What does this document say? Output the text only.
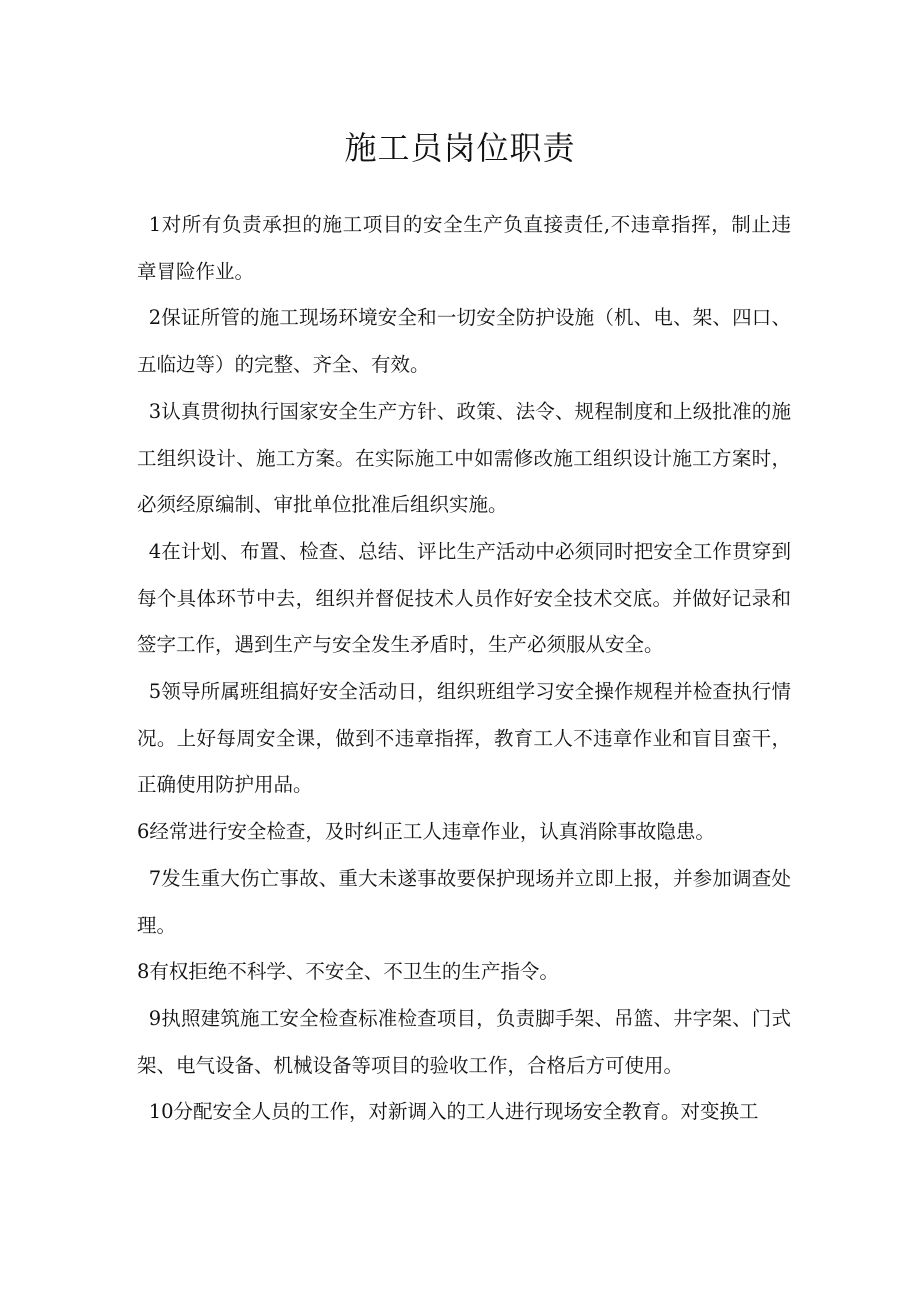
施工员岗位职责

1对所有负责承担的施工项目的安全生产负直接责任,不违章指挥，制止违章冒险作业。

2保证所管的施工现场环境安全和一切安全防护设施（机、电、架、四口、五临边等）的完整、齐全、有效。

3认真贯彻执行国家安全生产方针、政策、法令、规程制度和上级批准的施工组织设计、施工方案。在实际施工中如需修改施工组织设计施工方案时，必须经原编制、审批单位批准后组织实施。

4在计划、布置、检查、总结、评比生产活动中必须同时把安全工作贯穿到每个具体环节中去，组织并督促技术人员作好安全技术交底。并做好记录和签字工作，遇到生产与安全发生矛盾时，生产必须服从安全。

5领导所属班组搞好安全活动日，组织班组学习安全操作规程并检查执行情况。上好每周安全课，做到不违章指挥，教育工人不违章作业和盲目蛮干，正确使用防护用品。

6经常进行安全检查，及时纠正工人违章作业，认真消除事故隐患。

7发生重大伤亡事故、重大未遂事故要保护现场并立即上报，并参加调查处理。

8有权拒绝不科学、不安全、不卫生的生产指令。

9执照建筑施工安全检查标准检查项目，负责脚手架、吊篮、井字架、门式架、电气设备、机械设备等项目的验收工作，合格后方可使用。

10分配安全人员的工作，对新调入的工人进行现场安全教育。对变换工
